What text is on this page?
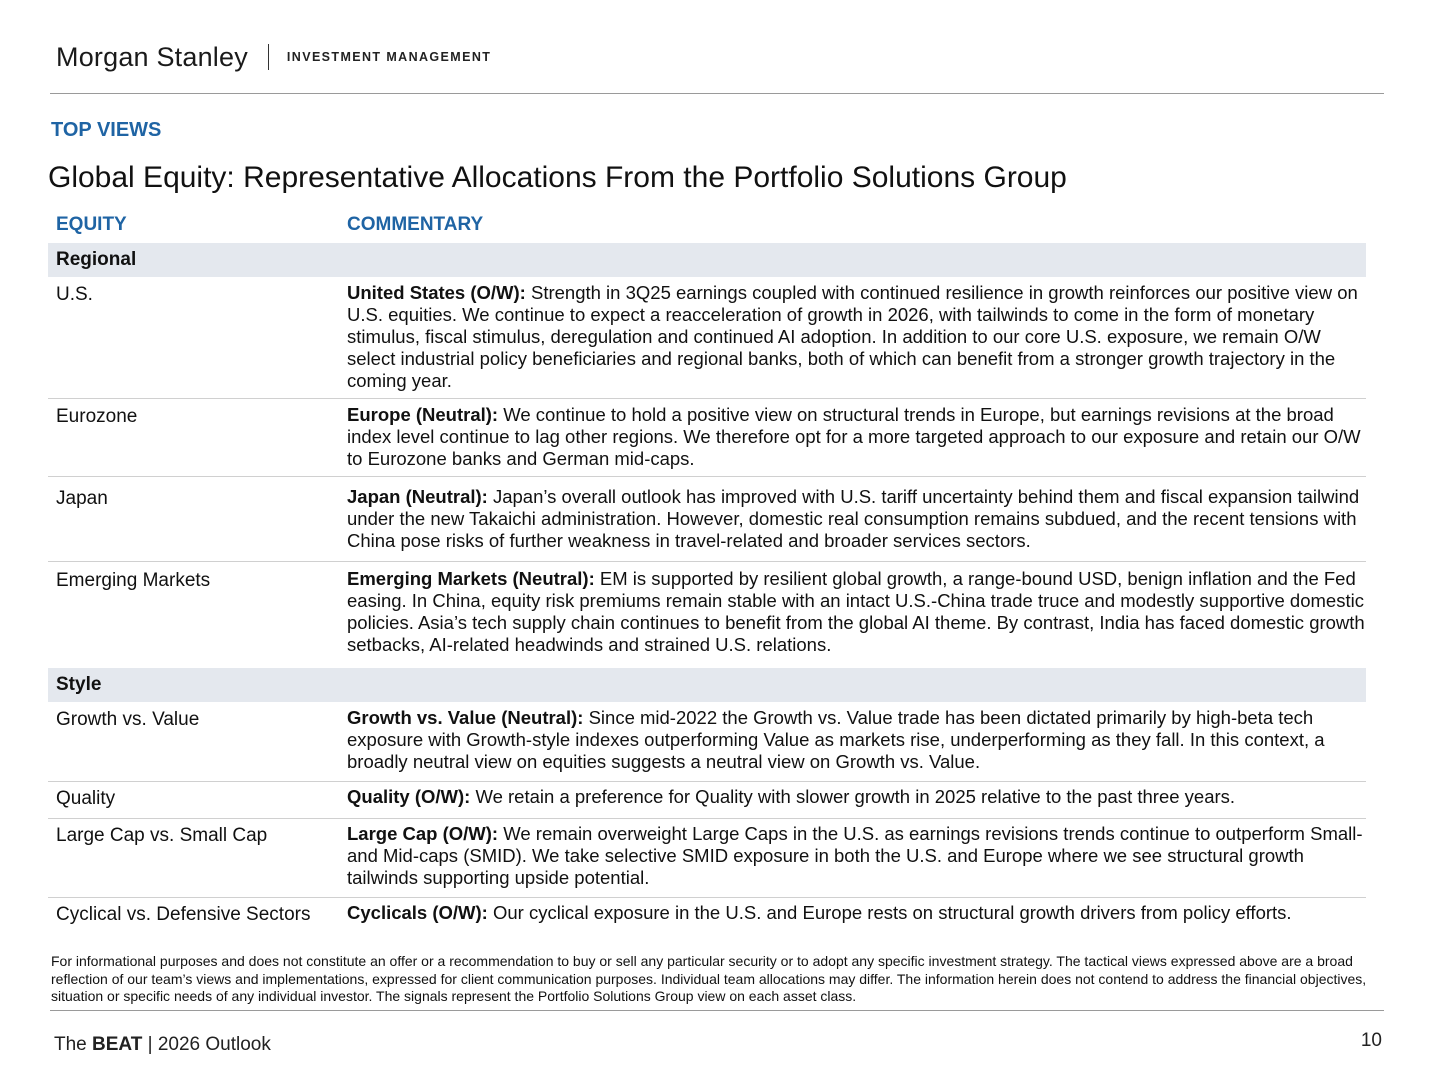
Morgan Stanley	INVESTMENT MANAGEMENT
TOP VIEWS
Global Equity: Representative Allocations From the Portfolio Solutions Group
EQUITY	COMMENTARY
Regional
U.S.	United States (O/W): Strength in 3Q25 earnings coupled with continued resilience in growth reinforces our positive view on U.S. equities. We continue to expect a reacceleration of growth in 2026, with tailwinds to come in the form of monetary stimulus, fiscal stimulus, deregulation and continued AI adoption. In addition to our core U.S. exposure, we remain O/W select industrial policy beneficiaries and regional banks, both of which can benefit from a stronger growth trajectory in the coming year.
Eurozone	Europe (Neutral): We continue to hold a positive view on structural trends in Europe, but earnings revisions at the broad index level continue to lag other regions. We therefore opt for a more targeted approach to our exposure and retain our O/W to Eurozone banks and German mid-caps.
Japan	Japan (Neutral): Japan’s overall outlook has improved with U.S. tariff uncertainty behind them and fiscal expansion tailwind under the new Takaichi administration. However, domestic real consumption remains subdued, and the recent tensions with China pose risks of further weakness in travel-related and broader services sectors.
Emerging Markets	Emerging Markets (Neutral): EM is supported by resilient global growth, a range-bound USD, benign inflation and the Fed easing. In China, equity risk premiums remain stable with an intact U.S.-China trade truce and modestly supportive domestic policies. Asia’s tech supply chain continues to benefit from the global AI theme. By contrast, India has faced domestic growth setbacks, AI-related headwinds and strained U.S. relations.
Style
Growth vs. Value	Growth vs. Value (Neutral): Since mid-2022 the Growth vs. Value trade has been dictated primarily by high-beta tech exposure with Growth-style indexes outperforming Value as markets rise, underperforming as they fall. In this context, a broadly neutral view on equities suggests a neutral view on Growth vs. Value.
Quality	Quality (O/W): We retain a preference for Quality with slower growth in 2025 relative to the past three years.
Large Cap vs. Small Cap	Large Cap (O/W): We remain overweight Large Caps in the U.S. as earnings revisions trends continue to outperform Small- and Mid-caps (SMID). We take selective SMID exposure in both the U.S. and Europe where we see structural growth tailwinds supporting upside potential.
Cyclical vs. Defensive Sectors	Cyclicals (O/W): Our cyclical exposure in the U.S. and Europe rests on structural growth drivers from policy efforts.
For informational purposes and does not constitute an offer or a recommendation to buy or sell any particular security or to adopt any specific investment strategy. The tactical views expressed above are a broad reflection of our team’s views and implementations, expressed for client communication purposes. Individual team allocations may differ. The information herein does not contend to address the financial objectives, situation or specific needs of any individual investor. The signals represent the Portfolio Solutions Group view on each asset class.
The BEAT | 2026 Outlook	10
